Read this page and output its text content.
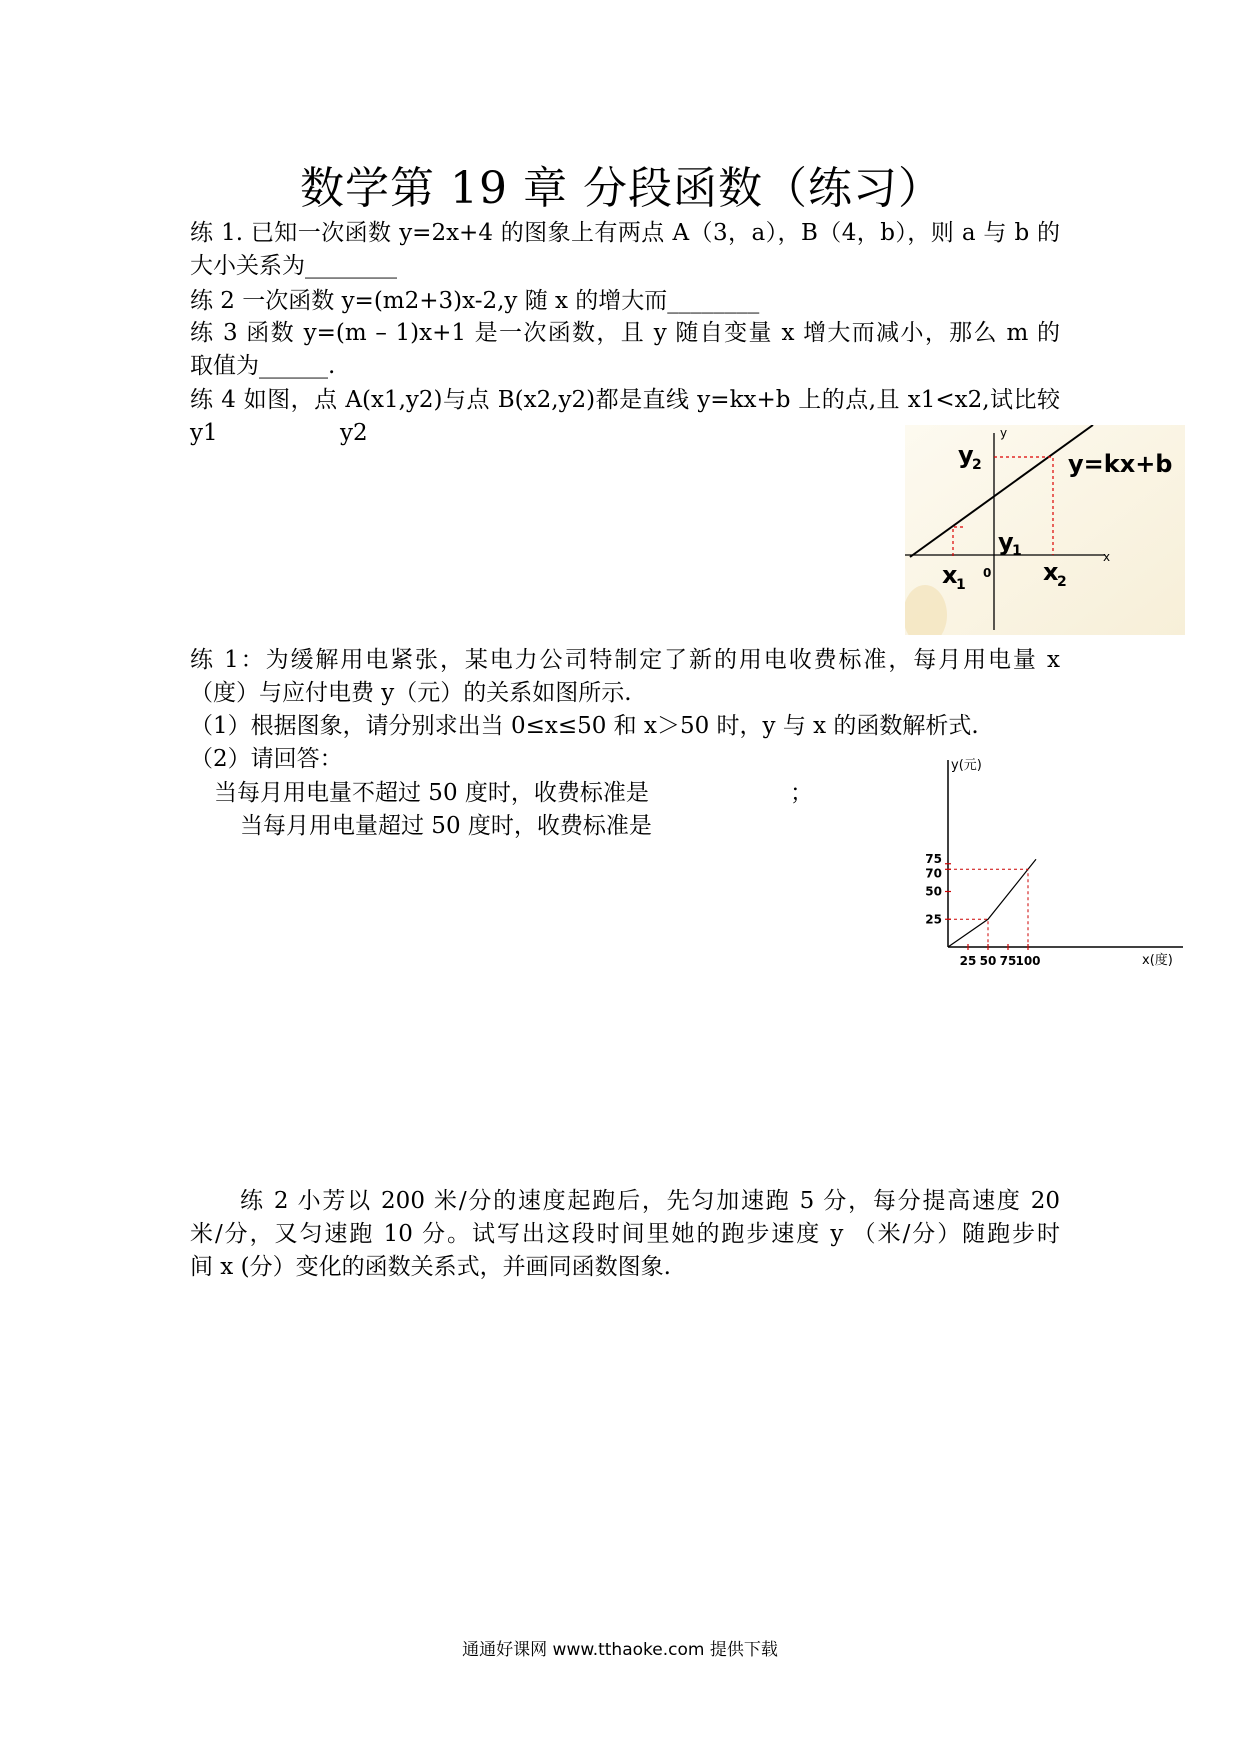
数学第 19 章 分段函数（练习）
练 1. 已知一次函数 y=2x+4 的图象上有两点 A（3，a），B（4，b），则 a 与 b 的
大小关系为________
练 2 一次函数 y=(m2+3)x-2,y 随 x 的增大而________
练 3 函数 y=(m – 1)x+1 是一次函数，且 y 随自变量 x 增大而减小，那么 m 的
取值为______.
练 4 如图，点 A(x1,y2)与点 B(x2,y2)都是直线 y=kx+b 上的点,且 x1<x2,试比较
y1	y2	y
x
0
y=kx+b
y
2
y
1
x
1	x
2
练 1：为缓解用电紧张，某电力公司特制定了新的用电收费标准，每月用电量 x
（度）与应付电费 y（元）的关系如图所示.
（1）根据图象，请分别求出当 0≤x≤50 和 x＞50 时，y 与 x 的函数解析式.
（2）请回答：
当每月用电量不超过 50 度时，收费标准是	；
当每月用电量超过 50 度时，收费标准是
y(元)
x(度)
25 50 75 100
25
50
70
75
练 2 小芳以 200 米/分的速度起跑后，先匀加速跑 5 分，每分提高速度 20
米/分，又匀速跑 10 分。试写出这段时间里她的跑步速度 y （米/分）随跑步时
间 x (分）变化的函数关系式，并画同函数图象.
通通好课网 www.tthaoke.com 提供下载
